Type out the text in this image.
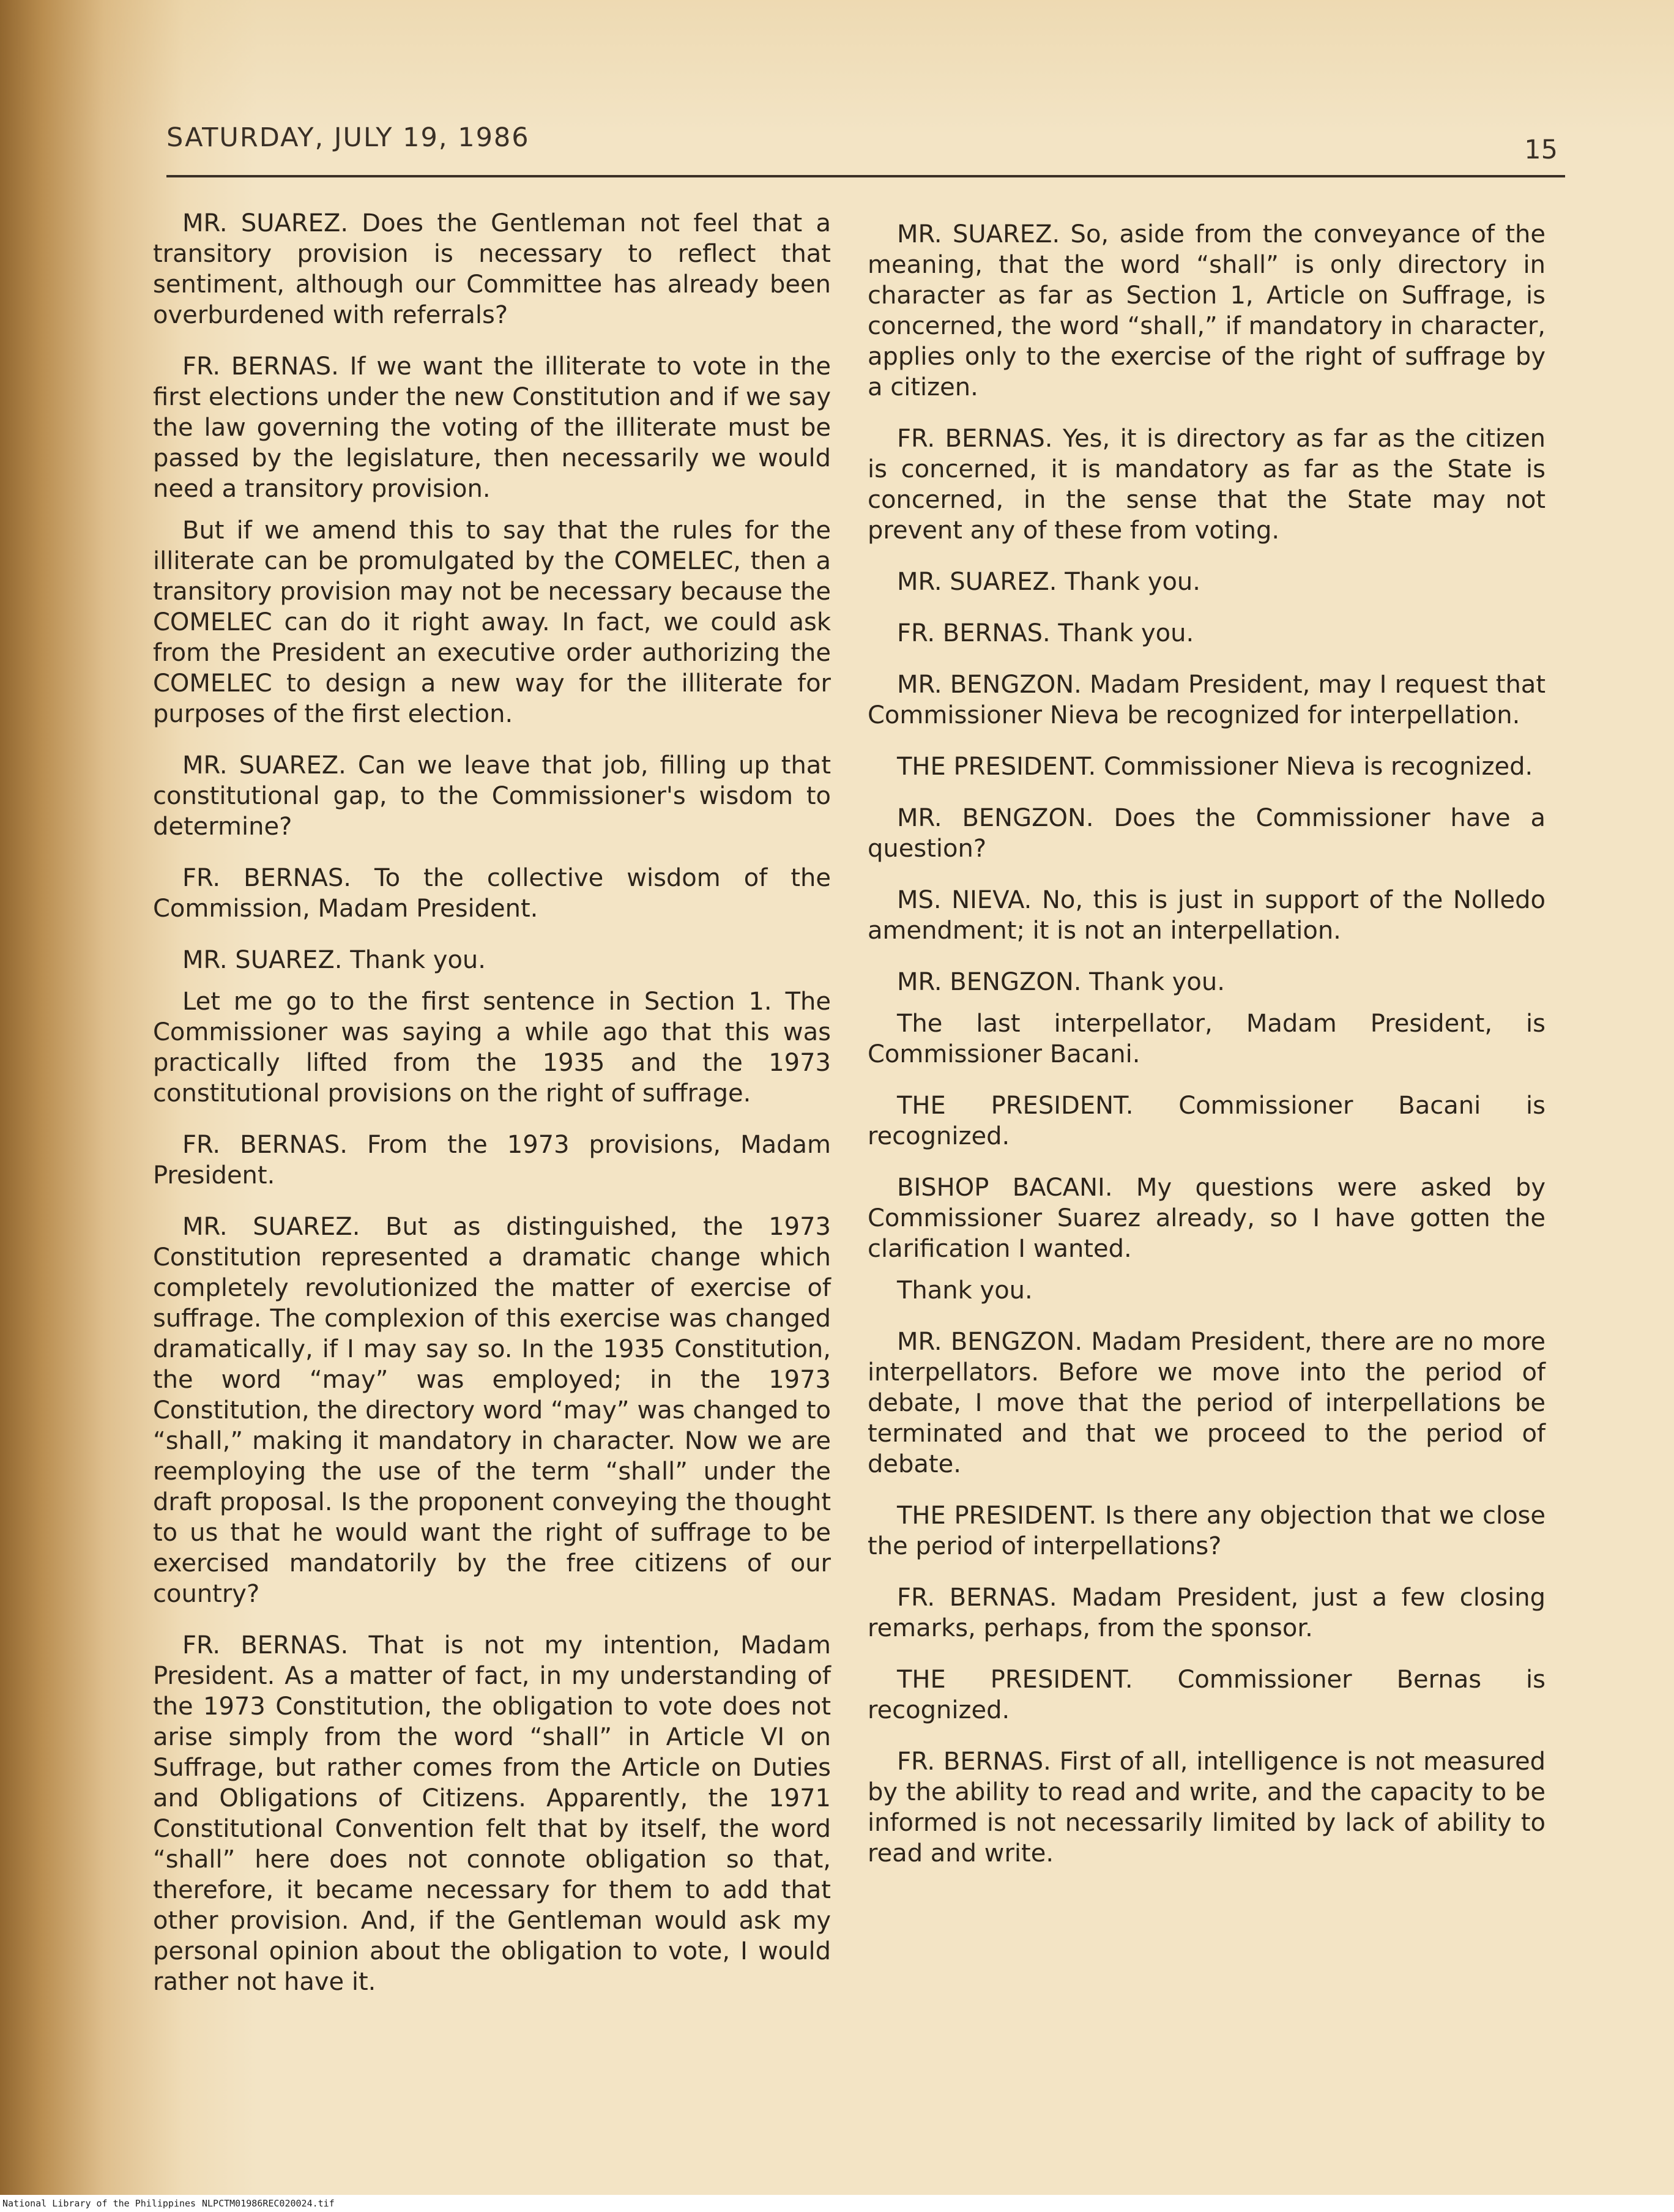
SATURDAY, JULY 19, 1986	15

MR. SUAREZ. Does the Gentleman not feel that a transitory provision is necessary to reflect that sentiment, although our Committee has already been overburdened with referrals?

FR. BERNAS. If we want the illiterate to vote in the first elections under the new Constitution and if we say the law governing the voting of the illiterate must be passed by the legislature, then necessarily we would need a transitory provision.

But if we amend this to say that the rules for the illiterate can be promulgated by the COMELEC, then a transitory provision may not be necessary because the COMELEC can do it right away. In fact, we could ask from the President an executive order authorizing the COMELEC to design a new way for the illiterate for purposes of the first election.

MR. SUAREZ. Can we leave that job, filling up that constitutional gap, to the Commissioner's wisdom to determine?

FR. BERNAS. To the collective wisdom of the Commission, Madam President.

MR. SUAREZ. Thank you.

Let me go to the first sentence in Section 1. The Commissioner was saying a while ago that this was practically lifted from the 1935 and the 1973 constitutional provisions on the right of suffrage.

FR. BERNAS. From the 1973 provisions, Madam President.

MR. SUAREZ. But as distinguished, the 1973 Constitution represented a dramatic change which completely revolutionized the matter of exercise of suffrage. The complexion of this exercise was changed dramatically, if I may say so. In the 1935 Constitution, the word “may” was employed; in the 1973 Constitution, the directory word “may” was changed to “shall,” making it mandatory in character. Now we are reemploying the use of the term “shall” under the draft proposal. Is the proponent conveying the thought to us that he would want the right of suffrage to be exercised mandatorily by the free citizens of our country?

FR. BERNAS. That is not my intention, Madam President. As a matter of fact, in my understanding of the 1973 Constitution, the obligation to vote does not arise simply from the word “shall” in Article VI on Suffrage, but rather comes from the Article on Duties and Obligations of Citizens. Apparently, the 1971 Constitutional Convention felt that by itself, the word “shall” here does not connote obligation so that, therefore, it became necessary for them to add that other provision. And, if the Gentleman would ask my personal opinion about the obligation to vote, I would rather not have it.

MR. SUAREZ. So, aside from the conveyance of the meaning, that the word “shall” is only directory in character as far as Section 1, Article on Suffrage, is concerned, the word “shall,” if mandatory in character, applies only to the exercise of the right of suffrage by a citizen.

FR. BERNAS. Yes, it is directory as far as the citizen is concerned, it is mandatory as far as the State is concerned, in the sense that the State may not prevent any of these from voting.

MR. SUAREZ. Thank you.

FR. BERNAS. Thank you.

MR. BENGZON. Madam President, may I request that Commissioner Nieva be recognized for interpellation.

THE PRESIDENT. Commissioner Nieva is recognized.

MR. BENGZON. Does the Commissioner have a question?

MS. NIEVA. No, this is just in support of the Nolledo amendment; it is not an interpellation.

MR. BENGZON. Thank you.

The last interpellator, Madam President, is Commissioner Bacani.

THE PRESIDENT. Commissioner Bacani is recognized.

BISHOP BACANI. My questions were asked by Commissioner Suarez already, so I have gotten the clarification I wanted.

Thank you.

MR. BENGZON. Madam President, there are no more interpellators. Before we move into the period of debate, I move that the period of interpellations be terminated and that we proceed to the period of debate.

THE PRESIDENT. Is there any objection that we close the period of interpellations?

FR. BERNAS. Madam President, just a few closing remarks, perhaps, from the sponsor.

THE PRESIDENT. Commissioner Bernas is recognized.

FR. BERNAS. First of all, intelligence is not measured by the ability to read and write, and the capacity to be informed is not necessarily limited by lack of ability to read and write.

National Library of the Philippines NLPCTM01986REC020024.tif
